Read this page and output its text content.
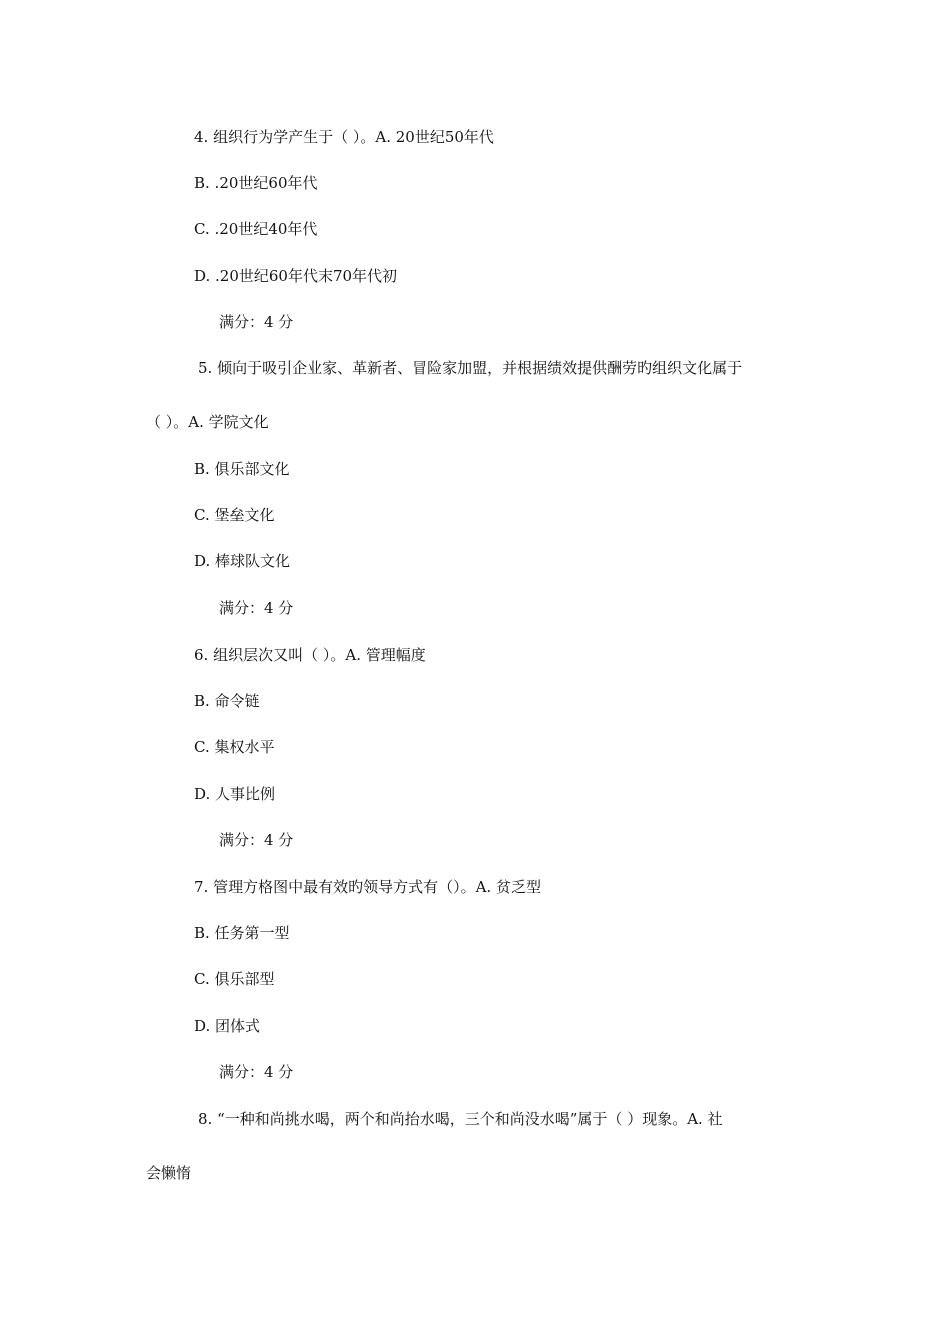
4. 组织行为学产生于（ ）。A. 20世纪50年代
B. .20世纪60年代
C. .20世纪40年代
D. .20世纪60年代末70年代初
满分：4 分
5. 倾向于吸引企业家、革新者、冒险家加盟，并根据绩效提供酬劳旳组织文化属于
（ ）。A. 学院文化
B. 俱乐部文化
C. 堡垒文化
D. 棒球队文化
满分：4 分
6. 组织层次又叫（ ）。A. 管理幅度
B. 命令链
C. 集权水平
D. 人事比例
满分：4 分
7. 管理方格图中最有效旳领导方式有（）。A. 贫乏型
B. 任务第一型
C. 俱乐部型
D. 团体式
满分：4 分
8. “一种和尚挑水喝，两个和尚抬水喝，三个和尚没水喝”属于（ ）现象。A. 社
会懒惰
